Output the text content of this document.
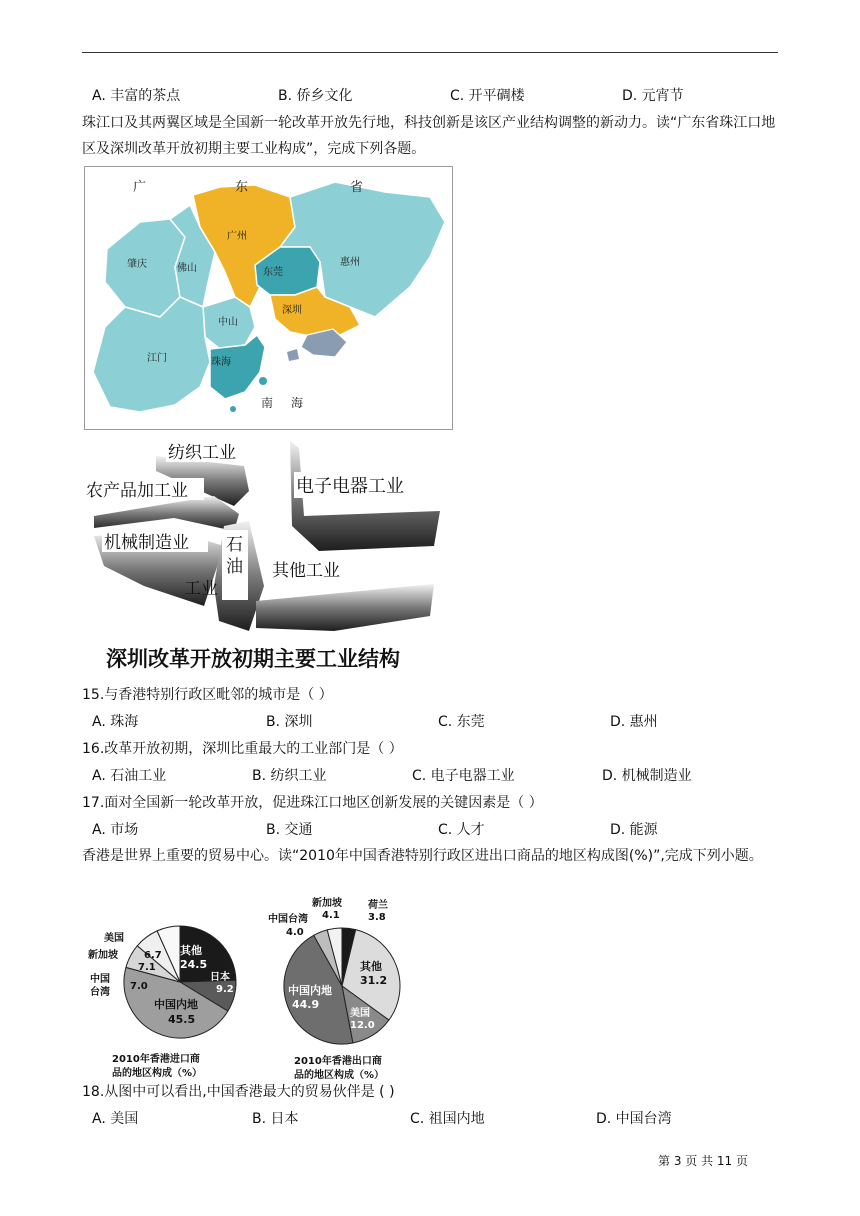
A. 丰富的茶点	B. 侨乡文化	C. 开平碉楼	D. 元宵节
珠江口及其两翼区域是全国新一轮改革开放先行地，科技创新是该区产业结构调整的新动力。读“广东省珠江口地区及深圳改革开放初期主要工业构成”，完成下列各题。
广	东	省
肇庆	佛山
广州
东莞
惠州
深圳
中山
江门	珠海
南 海
纺织工业
农产品加工业	电子电器工业
机械制造业 石
油
工业
其他工业
深圳改革开放初期主要工业结构
15.与香港特别行政区毗邻的城市是（ ）
A. 珠海	B. 深圳	C. 东莞	D. 惠州
16.改革开放初期，深圳比重最大的工业部门是（ ）
A. 石油工业	B. 纺织工业	C. 电子电器工业	D. 机械制造业
17.面对全国新一轮改革开放，促进珠江口地区创新发展的关键因素是（ ）
A. 市场	B. 交通	C. 人才	D. 能源
香港是世界上重要的贸易中心。读“2010年中国香港特别行政区进出口商品的地区构成图(%)”,完成下列小题。
美国
6.7
新加坡
7.1
中国
台湾
7.0
其他
24.5
日本
9.2
中国内地
45.5
2010年香港进口商
品的地区构成（%）
新加坡
4.1
荷兰
3.8
中国台湾
4.0
其他
31.2
中国内地
44.9
美国
12.0
2010年香港出口商
品的地区构成（%）
18.从图中可以看出,中国香港最大的贸易伙伴是 ( )
A. 美国	B. 日本	C. 祖国内地	D. 中国台湾
第 3 页 共 11 页
